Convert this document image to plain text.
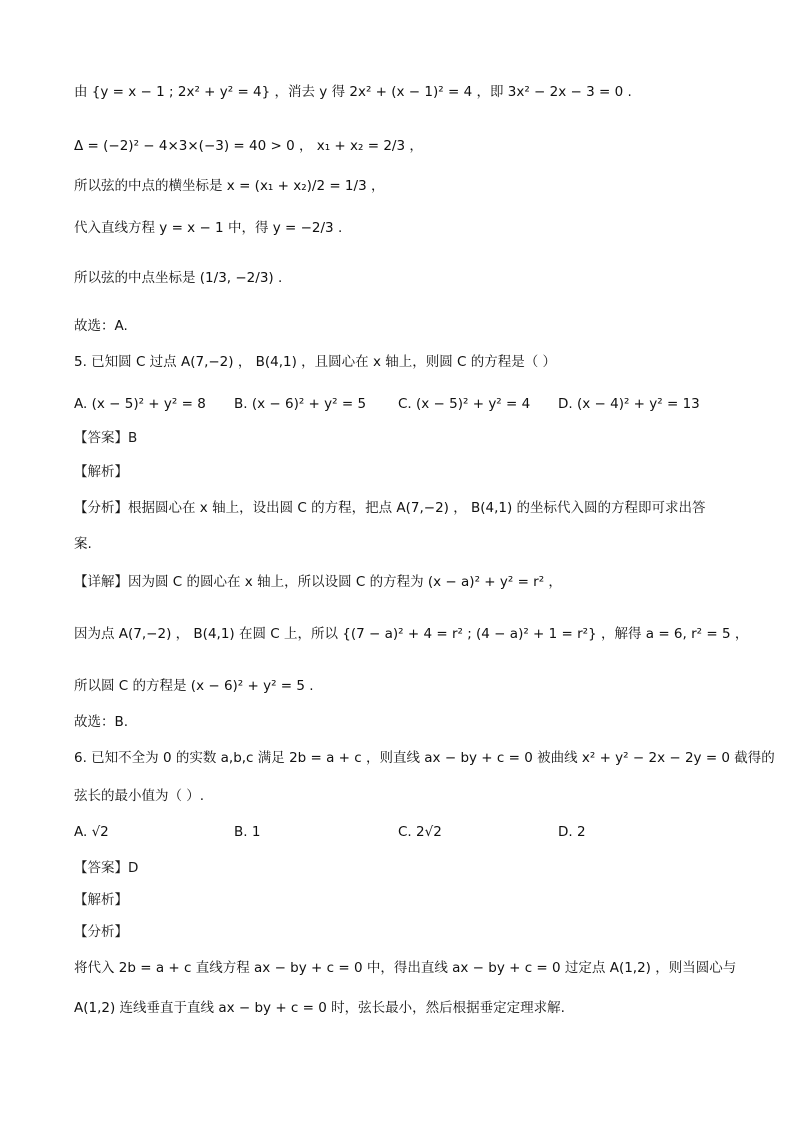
由 {y = x − 1 ; 2x² + y² = 4} ，消去 y 得 2x² + (x − 1)² = 4 ，即 3x² − 2x − 3 = 0 .
Δ = (−2)² − 4×3×(−3) = 40 > 0 ， x₁ + x₂ = 2/3 ，
所以弦的中点的横坐标是 x = (x₁ + x₂)/2 = 1/3 ，
代入直线方程 y = x − 1 中，得 y = −2/3 .
所以弦的中点坐标是 (1/3, −2/3) .
故选：A.
5. 已知圆 C 过点 A(7,−2) ， B(4,1) ，且圆心在 x 轴上，则圆 C 的方程是（ ）
A. (x − 5)² + y² = 8 B. (x − 6)² + y² = 5 C. (x − 5)² + y² = 4 D. (x − 4)² + y² = 13
【答案】B
【解析】
【分析】根据圆心在 x 轴上，设出圆 C 的方程，把点 A(7,−2) ， B(4,1) 的坐标代入圆的方程即可求出答
案.
【详解】因为圆 C 的圆心在 x 轴上，所以设圆 C 的方程为 (x − a)² + y² = r² ，
因为点 A(7,−2) ， B(4,1) 在圆 C 上，所以 {(7 − a)² + 4 = r² ; (4 − a)² + 1 = r²} ，解得 a = 6, r² = 5 ，
所以圆 C 的方程是 (x − 6)² + y² = 5 .
故选：B.
6. 已知不全为 0 的实数 a,b,c 满足 2b = a + c ，则直线 ax − by + c = 0 被曲线 x² + y² − 2x − 2y = 0 截得的
弦长的最小值为（ ）.
A. √2	B. 1	C. 2√2	D. 2
【答案】D
【解析】
【分析】
将代入 2b = a + c 直线方程 ax − by + c = 0 中，得出直线 ax − by + c = 0 过定点 A(1,2) ，则当圆心与
A(1,2) 连线垂直于直线 ax − by + c = 0 时，弦长最小，然后根据垂定定理求解.
